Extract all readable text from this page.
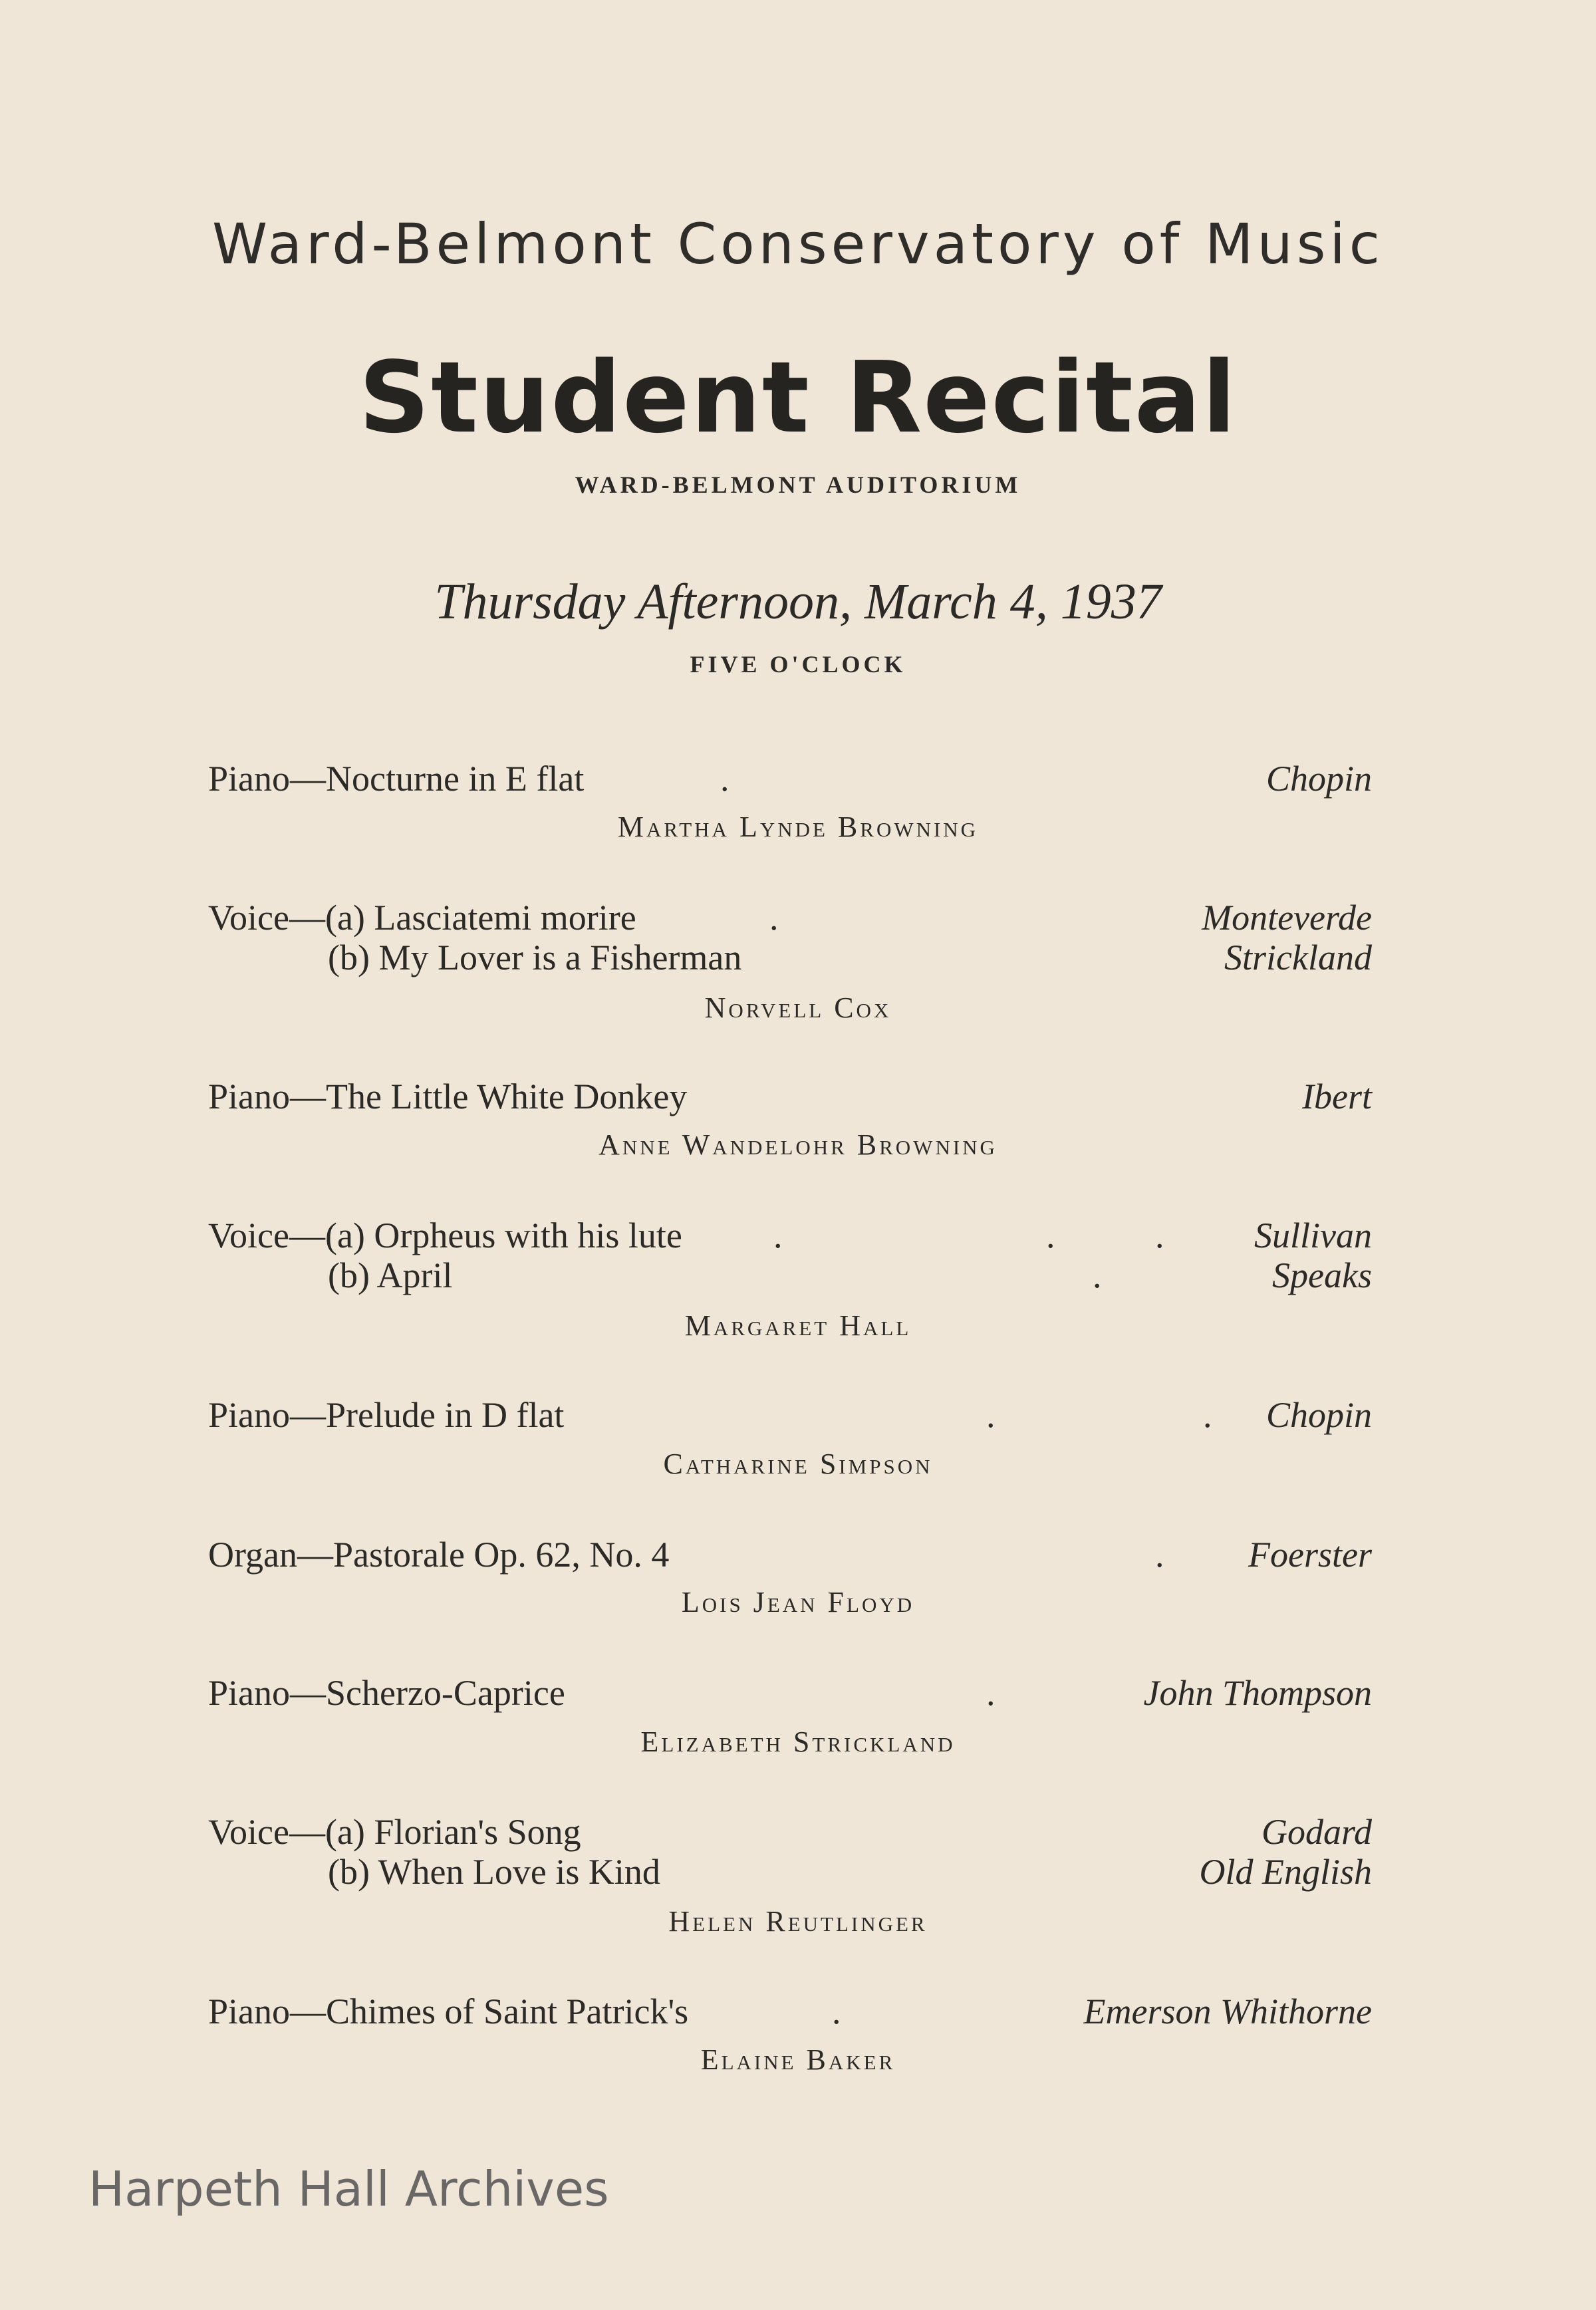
Ward-Belmont Conservatory of Music
Student Recital
WARD-BELMONT AUDITORIUM
Thursday Afternoon, March 4, 1937
FIVE O'CLOCK
Piano—Nocturne in E flat	.	Chopin
Martha Lynde Browning
Voice—(a) Lasciatemi morire	.	Monteverde
(b) My Lover is a Fisherman	Strickland
Norvell Cox
Piano—The Little White Donkey	Ibert
Anne Wandelohr Browning
Voice—(a) Orpheus with his lute	.	.	.	Sullivan
(b) April	.	Speaks
Margaret Hall
Piano—Prelude in D flat	.	. Chopin
Catharine Simpson
Organ—Pastorale Op. 62, No. 4	. Foerster
Lois Jean Floyd
Piano—Scherzo-Caprice	.	John Thompson
Elizabeth Strickland
Voice—(a) Florian's Song	Godard
(b) When Love is Kind	Old English
Helen Reutlinger
Piano—Chimes of Saint Patrick's	.	Emerson Whithorne
Elaine Baker
Harpeth Hall Archives
